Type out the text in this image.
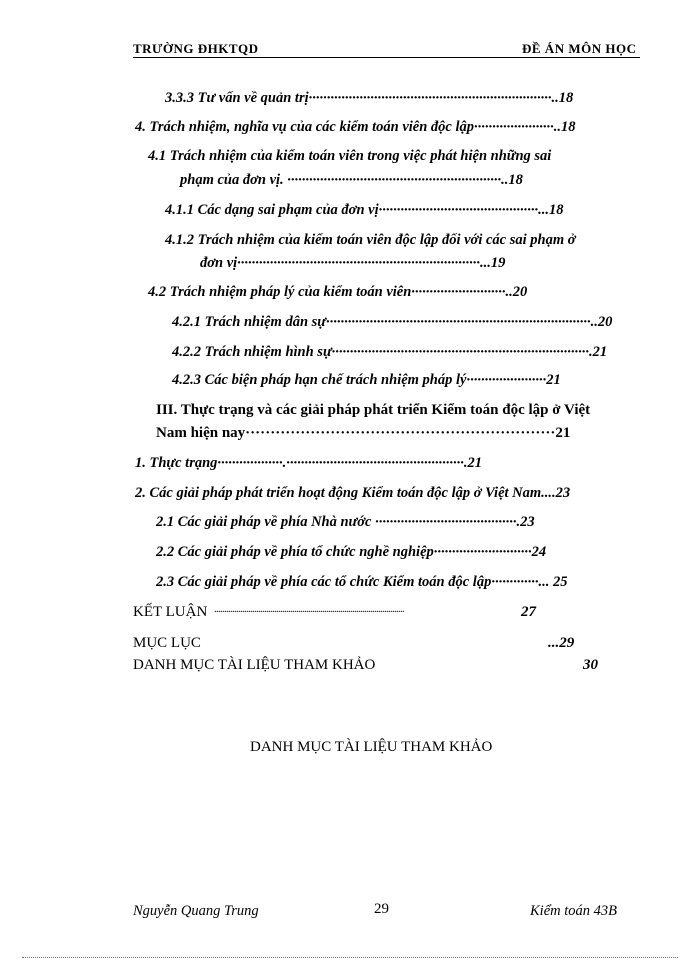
TRƯỜNG ĐHKTQD	ĐỀ ÁN MÔN HỌC
3.3.3 Tư vấn về quản trị···································································..18
4. Trách nhiệm, nghĩa vụ của các kiểm toán viên độc lập······················..18
4.1 Trách nhiệm của kiểm toán viên trong việc phát hiện những sai
phạm của đơn vị. ···························································..18
4.1.1 Các dạng sai phạm của đơn vị············································...18
4.1.2 Trách nhiệm của kiểm toán viên độc lập đối với các sai phạm ở
đơn vị···································································...19
4.2 Trách nhiệm pháp lý của kiểm toán viên··························..20
4.2.1 Trách nhiệm dân sự·········································································..20
4.2.2 Trách nhiệm hình sự·······································································.21
4.2.3 Các biện pháp hạn chế trách nhiệm pháp lý······················21
III. Thực trạng và các giải pháp phát triển Kiểm toán độc lập ở Việt
Nam hiện nay······························································21
1. Thực trạng··················.·················································.21
2. Các giải pháp phát triển hoạt động Kiểm toán độc lập ở Việt Nam....23
2.1 Các giải pháp về phía Nhà nước ·······································.23
2.2 Các giải pháp về phía tổ chức nghề nghiệp···························24
2.3 Các giải pháp về phía các tổ chức Kiểm toán độc lập·············... 25
KẾT LUẬN ...............................................................................................	27
MỤC LỤC	...29
DANH MỤC TÀI LIỆU THAM KHẢO	30
DANH MỤC TÀI LIỆU THAM KHẢO
Nguyễn Quang Trung	29	Kiểm toán 43B
